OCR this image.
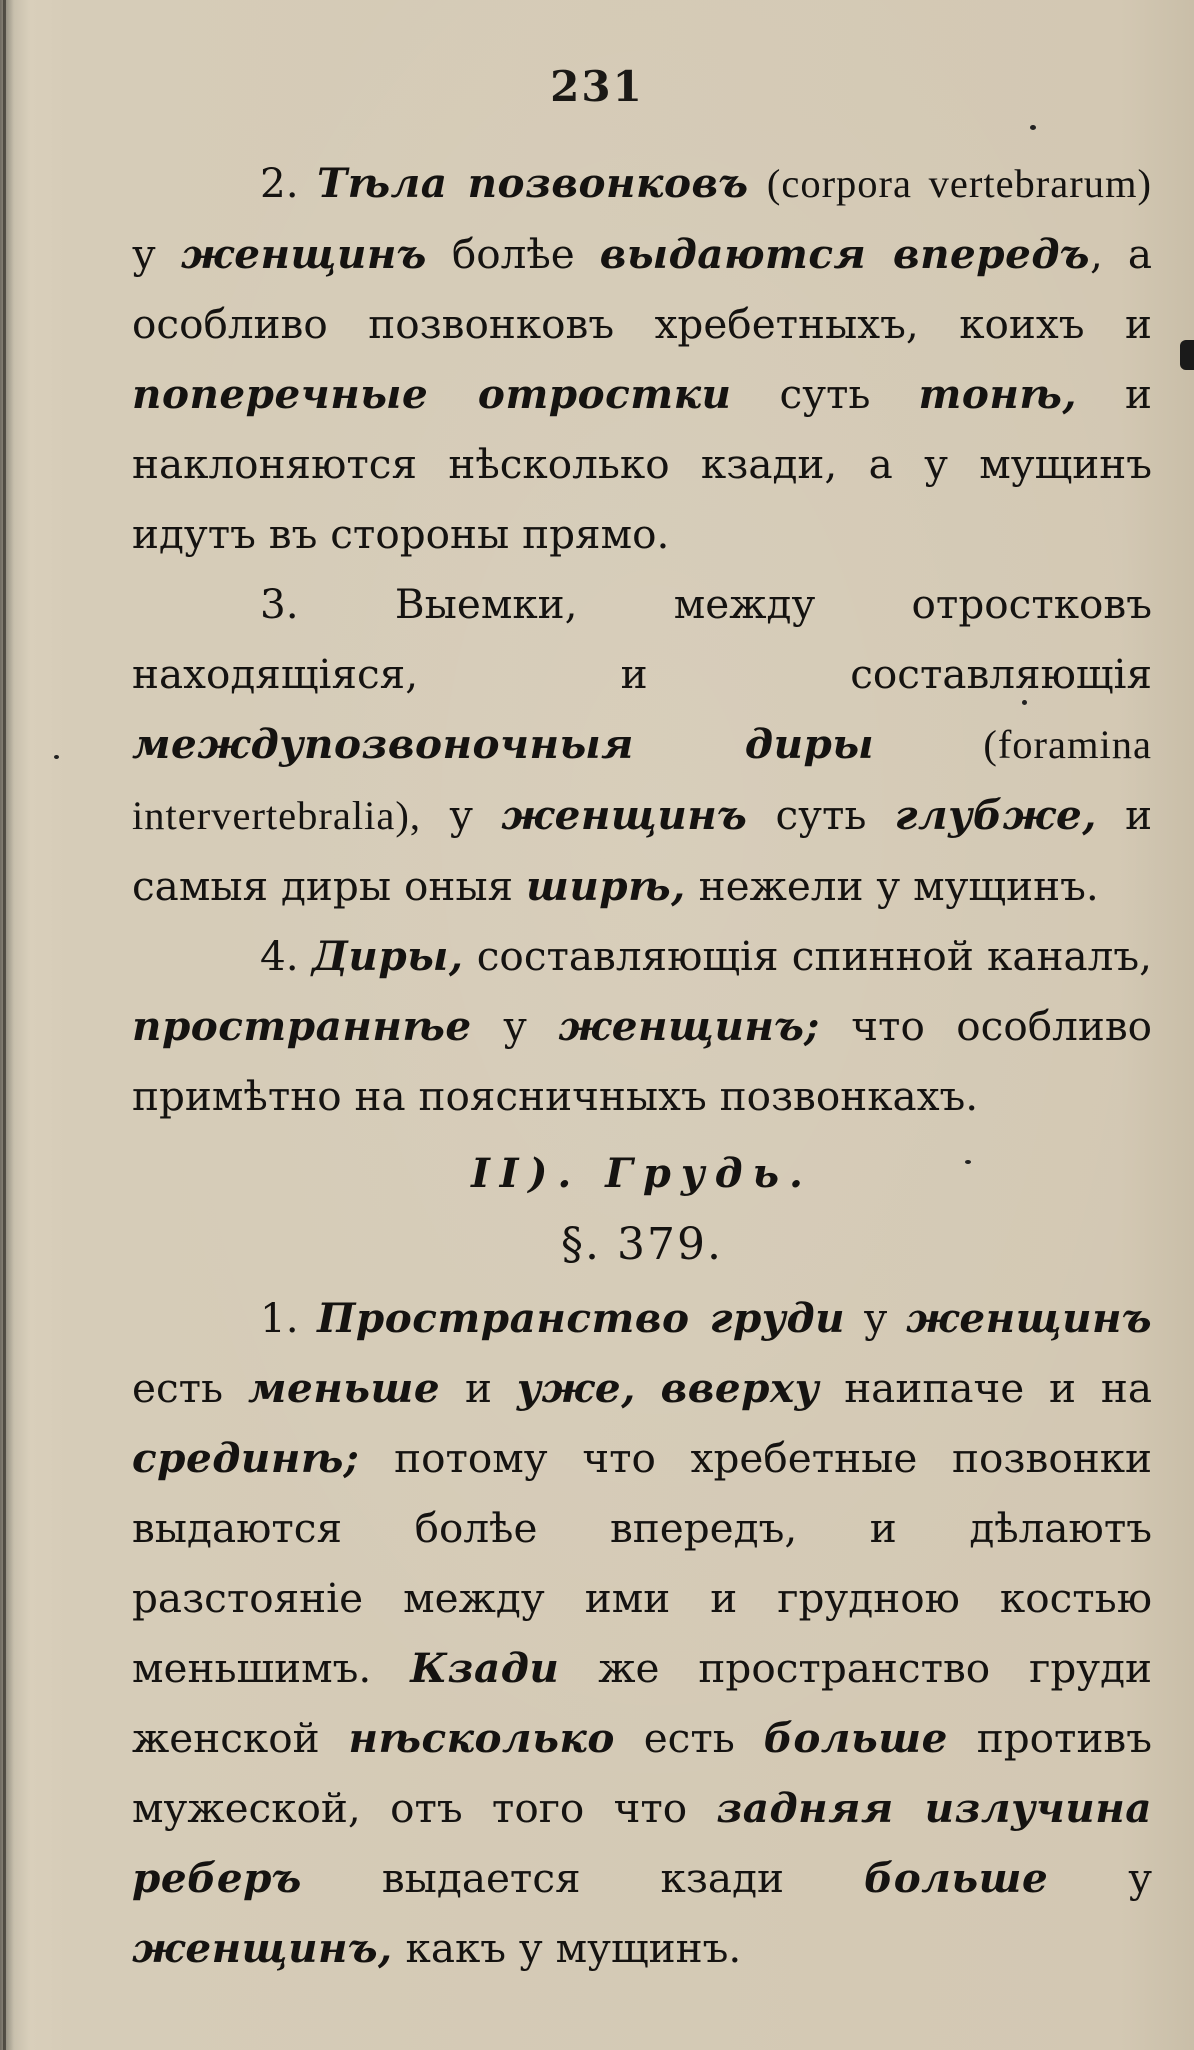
231

2. Тѣла позвонковъ (corpora vertebrarum) у женщинъ болѣе выдаются впередъ, а особливо позвонковъ хребетныхъ, коихъ и поперечные отростки суть тонѣ, и наклоняются нѣсколько кзади, а у мущинъ идутъ въ стороны прямо.

3. Выемки, между отростковъ находящіяся, и составляющія междупозвоночныя диры	(foramina intervertebralia), у женщинъ суть глубже, и самыя диры оныя ширѣ, нежели у мущинъ.

4. Диры, составляющія спинной каналъ, пространнѣе у женщинъ; что особливо примѣтно на поясничныхъ позвонкахъ.

II). Грудь.

§. 379.

1. Пространство груди у женщинъ есть меньше и уже, вверху наипаче и на срединѣ; потому что хребетные позвонки выдаются болѣе впередъ, и дѣлаютъ разстояніе между ими и грудною костью меньшимъ. Кзади же пространство груди женской нѣсколько есть больше противъ мужеской, отъ того что задняя излучина реберъ выдается кзади больше у женщинъ, какъ у мущинъ.
